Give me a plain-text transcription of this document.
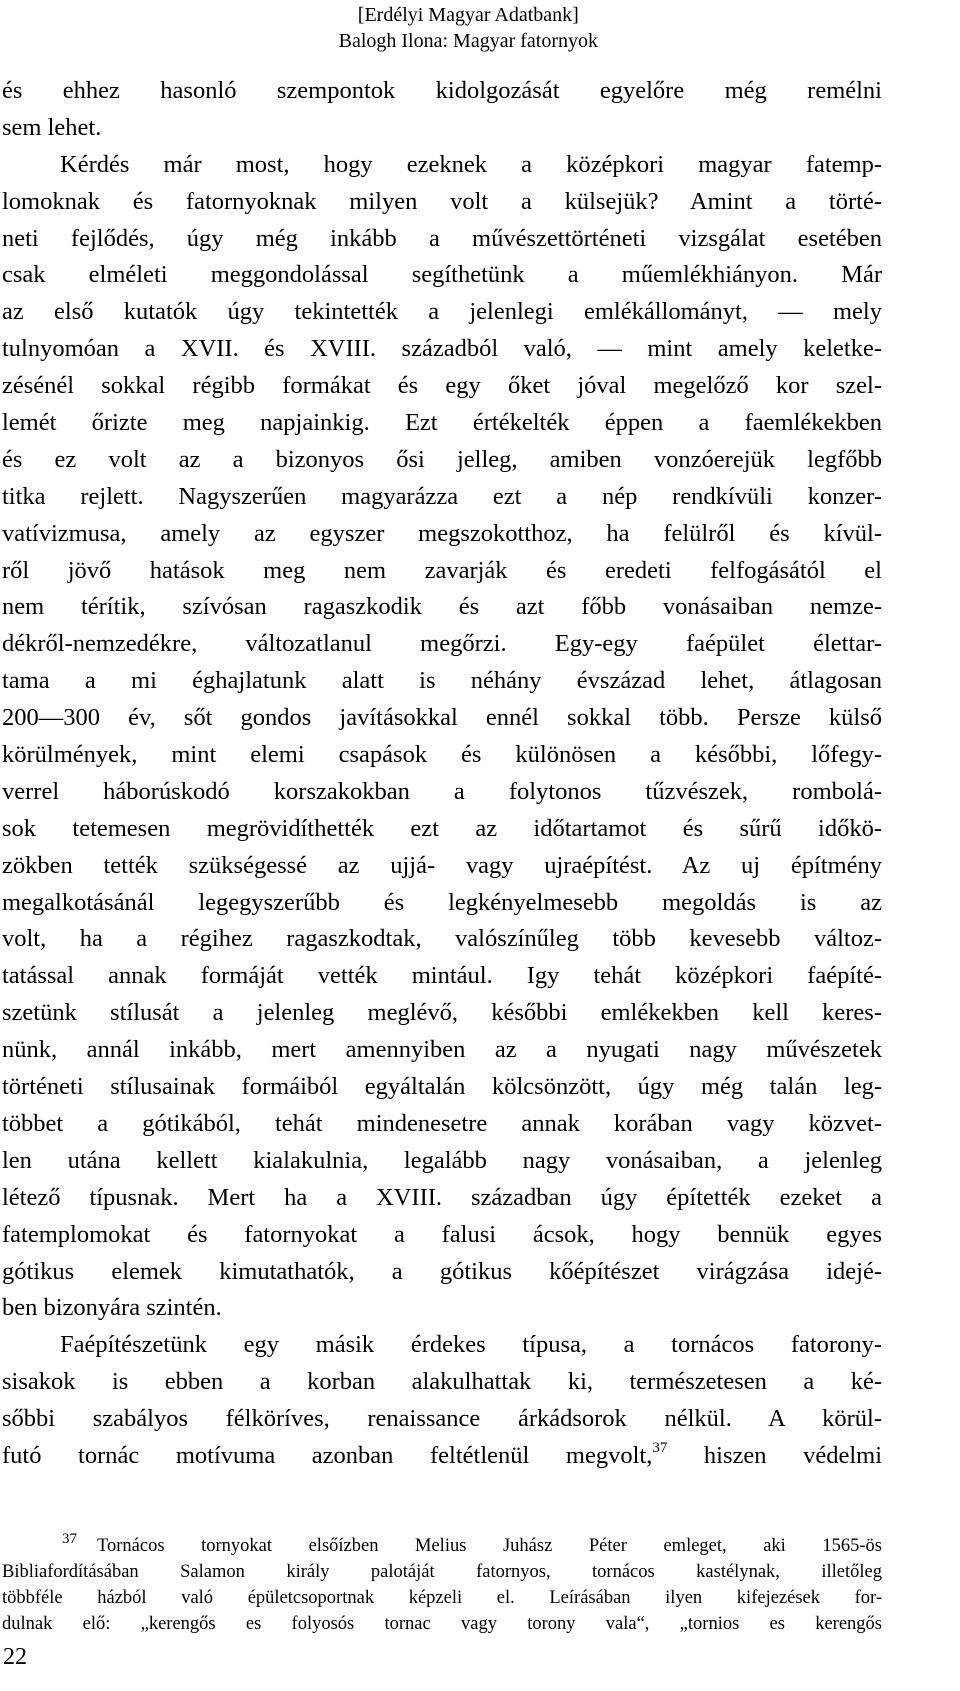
[Erdélyi Magyar Adatbank]
Balogh Ilona: Magyar fatornyok
és ehhez hasonló szempontok kidolgozását egyelőre még remélni
sem lehet.
Kérdés már most, hogy ezeknek a középkori magyar fatemp-
lomoknak és fatornyoknak milyen volt a külsejük? Amint a törté-
neti fejlődés, úgy még inkább a művészettörténeti vizsgálat esetében
csak elméleti meggondolással segíthetünk a műemlékhiányon. Már
az első kutatók úgy tekintették a jelenlegi emlékállományt, — mely
tulnyomóan a XVII. és XVIII. századból való, — mint amely keletke-
zésénél sokkal régibb formákat és egy őket jóval megelőző kor szel-
lemét őrizte meg napjainkig. Ezt értékelték éppen a faemlékekben
és ez volt az a bizonyos ősi jelleg, amiben vonzóerejük legfőbb
titka rejlett. Nagyszerűen magyarázza ezt a nép rendkívüli konzer-
vatívizmusa, amely az egyszer megszokotthoz, ha felülről és kívül-
ről jövő hatások meg nem zavarják és eredeti felfogásától el
nem térítik, szívósan ragaszkodik és azt főbb vonásaiban nemze-
dékről-nemzedékre, változatlanul megőrzi. Egy-egy faépület élettar-
tama a mi éghajlatunk alatt is néhány évszázad lehet, átlagosan
200—300 év, sőt gondos javításokkal ennél sokkal több. Persze külső
körülmények, mint elemi csapások és különösen a későbbi, lőfegy-
verrel háborúskodó korszakokban a folytonos tűzvészek, rombolá-
sok tetemesen megrövidíthették ezt az időtartamot és sűrű időkö-
zökben tették szükségessé az ujjá- vagy ujraépítést. Az uj építmény
megalkotásánál legegyszerűbb és legkényelmesebb megoldás is az
volt, ha a régihez ragaszkodtak, valószínűleg több kevesebb változ-
tatással annak formáját vették mintául. Igy tehát középkori faépíté-
szetünk stílusát a jelenleg meglévő, későbbi emlékekben kell keres-
nünk, annál inkább, mert amennyiben az a nyugati nagy művészetek
történeti stílusainak formáiból egyáltalán kölcsönzött, úgy még talán leg-
többet a gótikából, tehát mindenesetre annak korában vagy közvet-
len utána kellett kialakulnia, legalább nagy vonásaiban, a jelenleg
létező típusnak. Mert ha a XVIII. században úgy építették ezeket a
fatemplomokat és fatornyokat a falusi ácsok, hogy bennük egyes
gótikus elemek kimutathatók, a gótikus kőépítészet virágzása idejé-
ben bizonyára szintén.
Faépítészetünk egy másik érdekes típusa, a tornácos fatorony-
sisakok is ebben a korban alakulhattak ki, természetesen a ké-
sőbbi szabályos félköríves, renaissance árkádsorok nélkül. A körül-
futó tornác motívuma azonban feltétlenül megvolt,$^{37}$ hiszen védelmi
$^{37}$ Tornácos tornyokat elsőízben Melius Juhász Péter emleget, aki 1565-ös
Bibliafordításában Salamon király palotáját fatornyos, tornácos kastélynak, illetőleg
többféle házból való épületcsoportnak képzeli el. Leírásában ilyen kifejezések for-
dulnak elő: „kerengős es folyosós tornac vagy torony vala“, „tornios es kerengős
22
